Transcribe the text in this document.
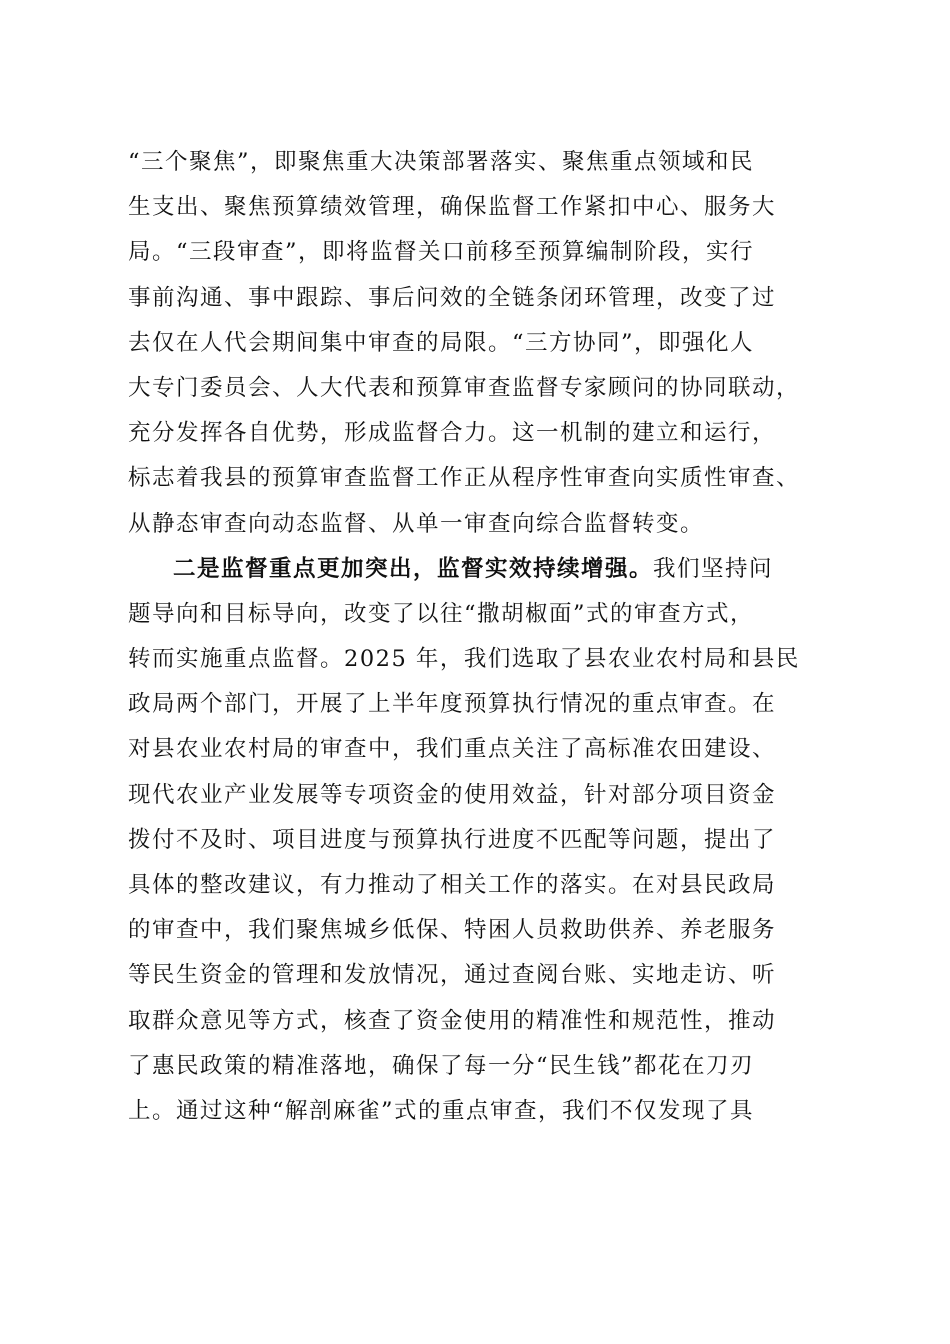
“三个聚焦”，即聚焦重大决策部署落实、聚焦重点领域和民
生支出、聚焦预算绩效管理，确保监督工作紧扣中心、服务大
局。“三段审查”，即将监督关口前移至预算编制阶段，实行
事前沟通、事中跟踪、事后问效的全链条闭环管理，改变了过
去仅在人代会期间集中审查的局限。“三方协同”，即强化人
大专门委员会、人大代表和预算审查监督专家顾问的协同联动，
充分发挥各自优势，形成监督合力。这一机制的建立和运行，
标志着我县的预算审查监督工作正从程序性审查向实质性审查、
从静态审查向动态监督、从单一审查向综合监督转变。
二是监督重点更加突出，监督实效持续增强。我们坚持问
题导向和目标导向，改变了以往“撒胡椒面”式的审查方式，
转而实施重点监督。2025 年，我们选取了县农业农村局和县民
政局两个部门，开展了上半年度预算执行情况的重点审查。在
对县农业农村局的审查中，我们重点关注了高标准农田建设、
现代农业产业发展等专项资金的使用效益，针对部分项目资金
拨付不及时、项目进度与预算执行进度不匹配等问题，提出了
具体的整改建议，有力推动了相关工作的落实。在对县民政局
的审查中，我们聚焦城乡低保、特困人员救助供养、养老服务
等民生资金的管理和发放情况，通过查阅台账、实地走访、听
取群众意见等方式，核查了资金使用的精准性和规范性，推动
了惠民政策的精准落地，确保了每一分“民生钱”都花在刀刃
上。通过这种“解剖麻雀”式的重点审查，我们不仅发现了具
